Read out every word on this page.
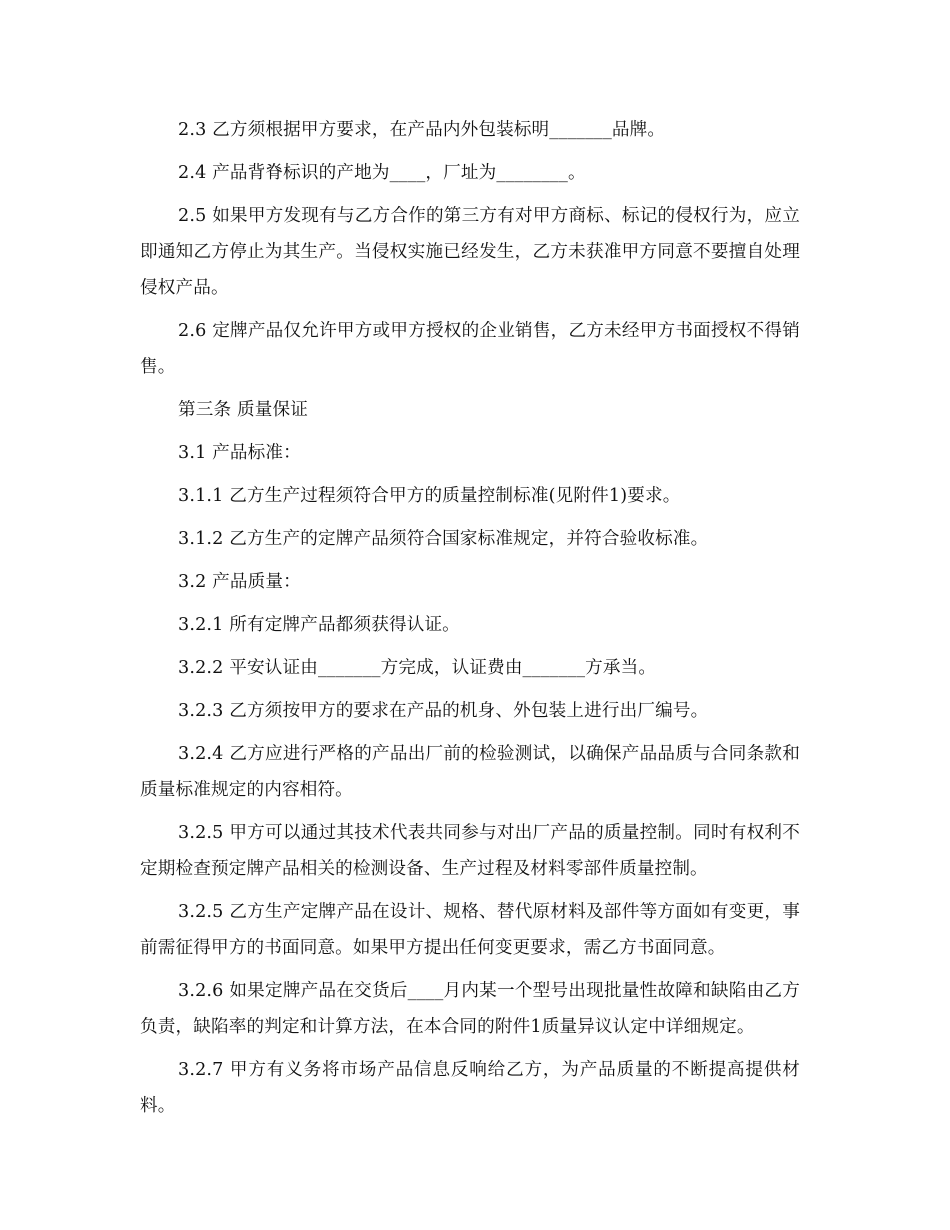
2.3 乙方须根据甲方要求，在产品内外包装标明_______品牌。

2.4 产品背脊标识的产地为____，厂址为________。

2.5 如果甲方发现有与乙方合作的第三方有对甲方商标、标记的侵权行为，应立即通知乙方停止为其生产。当侵权实施已经发生，乙方未获准甲方同意不要擅自处理侵权产品。

2.6 定牌产品仅允许甲方或甲方授权的企业销售，乙方未经甲方书面授权不得销售。

第三条 质量保证

3.1 产品标准：

3.1.1 乙方生产过程须符合甲方的质量控制标准(见附件1)要求。

3.1.2 乙方生产的定牌产品须符合国家标准规定，并符合验收标准。

3.2 产品质量：

3.2.1 所有定牌产品都须获得认证。

3.2.2 平安认证由_______方完成，认证费由_______方承当。

3.2.3 乙方须按甲方的要求在产品的机身、外包装上进行出厂编号。

3.2.4 乙方应进行严格的产品出厂前的检验测试，以确保产品品质与合同条款和质量标准规定的内容相符。

3.2.5 甲方可以通过其技术代表共同参与对出厂产品的质量控制。同时有权利不定期检查预定牌产品相关的检测设备、生产过程及材料零部件质量控制。

3.2.5 乙方生产定牌产品在设计、规格、替代原材料及部件等方面如有变更，事前需征得甲方的书面同意。如果甲方提出任何变更要求，需乙方书面同意。

3.2.6 如果定牌产品在交货后____月内某一个型号出现批量性故障和缺陷由乙方负责，缺陷率的判定和计算方法，在本合同的附件1质量异议认定中详细规定。

3.2.7 甲方有义务将市场产品信息反响给乙方，为产品质量的不断提高提供材料。
